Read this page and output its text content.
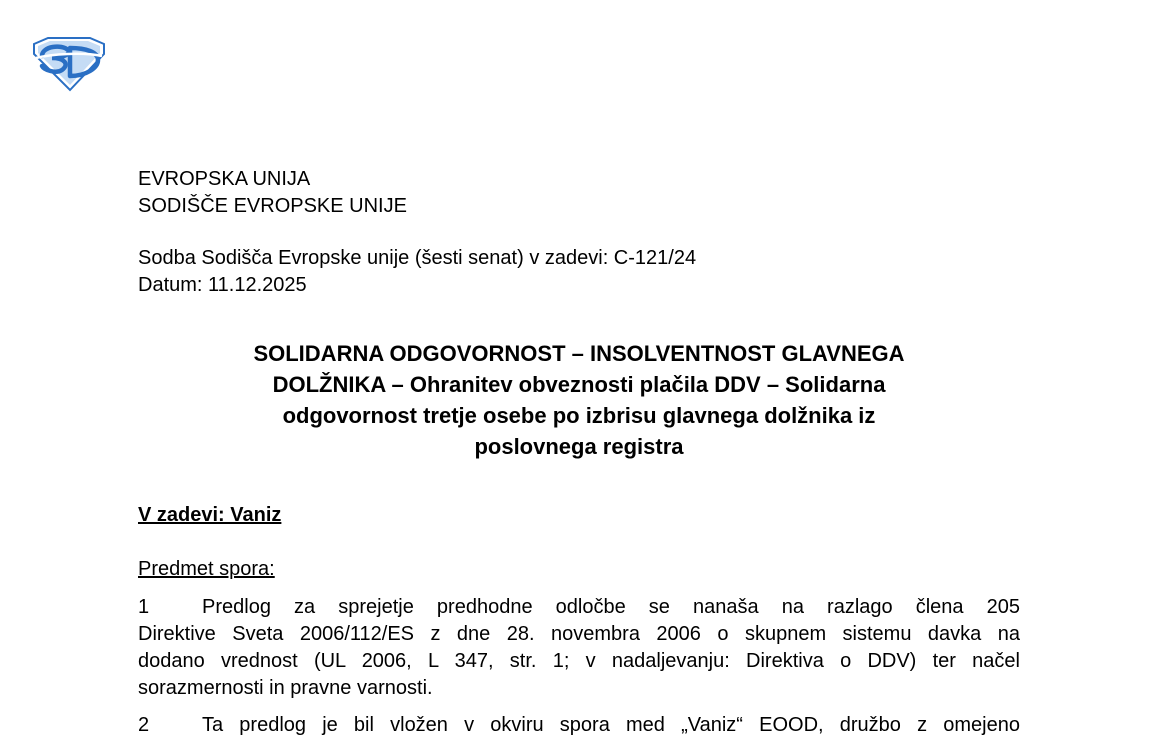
EVROPSKA UNIJA
SODIŠČE EVROPSKE UNIJE
Sodba Sodišča Evropske unije (šesti senat) v zadevi: C-121/24
Datum: 11.12.2025
SOLIDARNA ODGOVORNOST – INSOLVENTNOST GLAVNEGA
DOLŽNIKA – Ohranitev obveznosti plačila DDV – Solidarna
odgovornost tretje osebe po izbrisu glavnega dolžnika iz
poslovnega registra
V zadevi: Vaniz
Predmet spora:
1	Predlog za sprejetje predhodne odločbe se nanaša na razlago člena 205
Direktive Sveta 2006/112/ES z dne 28. novembra 2006 o skupnem sistemu davka na
dodano vrednost (UL 2006, L 347, str. 1; v nadaljevanju: Direktiva o DDV) ter načel
sorazmernosti in pravne varnosti.
2	Ta predlog je bil vložen v okviru spora med „Vaniz“ EOOD, družbo z omejeno
